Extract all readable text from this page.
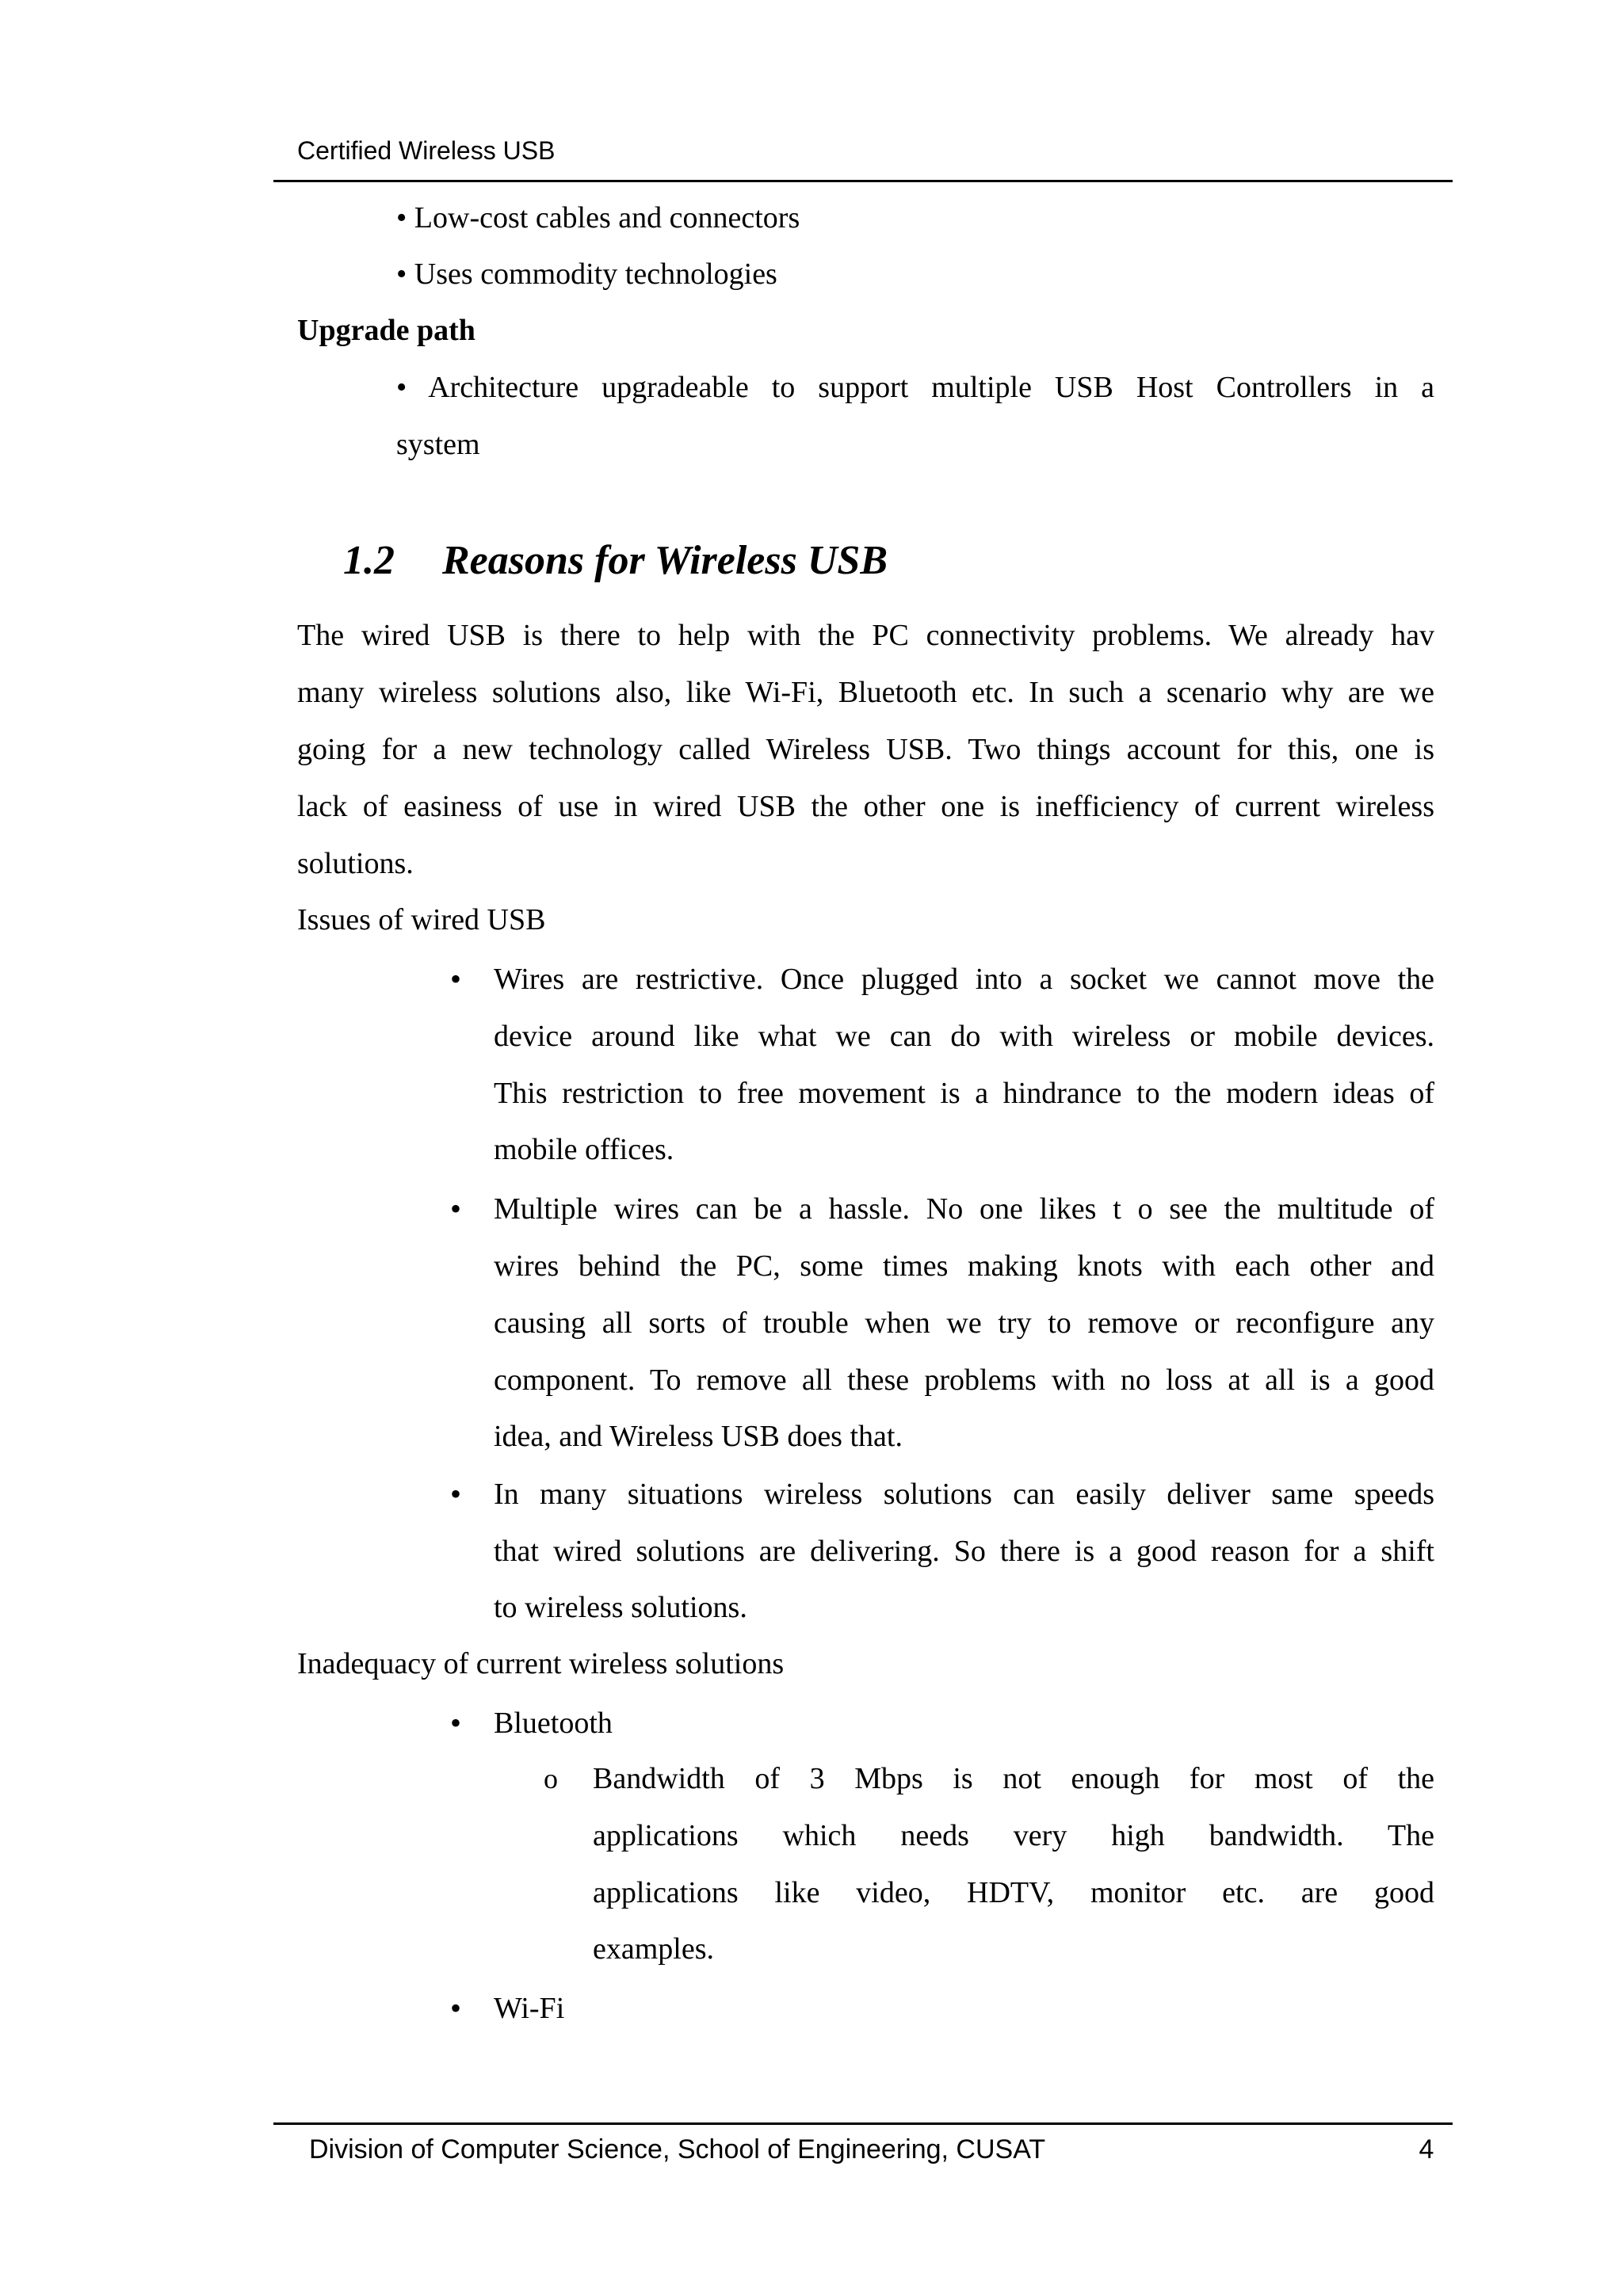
Certified Wireless USB
• Low-cost cables and connectors
• Uses commodity technologies
Upgrade path
• Architecture upgradeable to support multiple USB Host Controllers in a
system
1.2 Reasons for Wireless USB
The wired USB is there to help with the PC connectivity problems. We already hav
many wireless solutions also, like Wi-Fi, Bluetooth etc. In such a scenario why are we
going for a new technology called Wireless USB. Two things account for this, one is
lack of easiness of use in wired USB the other one is inefficiency of current wireless
solutions.
Issues of wired USB
•	Wires are restrictive. Once plugged into a socket we cannot move the
device around like what we can do with wireless or mobile devices.
This restriction to free movement is a hindrance to the modern ideas of
mobile offices.
•	Multiple wires can be a hassle. No one likes t o see the multitude of
wires behind the PC, some times making knots with each other and
causing all sorts of trouble when we try to remove or reconfigure any
component. To remove all these problems with no loss at all is a good
idea, and Wireless USB does that.
•	In many situations wireless solutions can easily deliver same speeds
that wired solutions are delivering. So there is a good reason for a shift
to wireless solutions.
Inadequacy of current wireless solutions
•	Bluetooth
o Bandwidth of 3 Mbps is not enough for most of the
applications which needs very high bandwidth. The
applications like video, HDTV, monitor etc. are good
examples.
•	Wi-Fi
Division of Computer Science, School of Engineering, CUSAT	4
